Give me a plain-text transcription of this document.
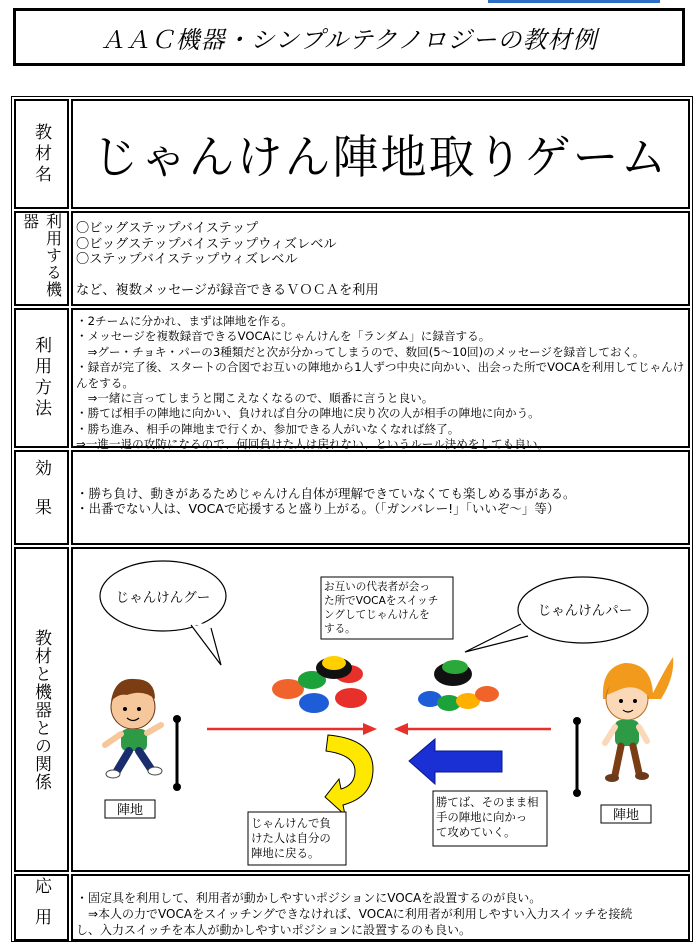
ＡＡＣ機器・シンプルテクノロジーの教材例
教材名 じゃんけん陣地取りゲーム
利用する機器	〇ビッグステップバイステップ

〇ビッグステップバイステップウィズレベル

〇ステップバイステップウィズレベル

など、複数メッセージが録音できるＶＯＣＡを利用

利用方法

・2チームに分かれ、まずは陣地を作る。

・メッセージを複数録音できるVOCAにじゃんけんを「ランダム」に録音する。

　⇒グー・チョキ・パーの3種類だと次が分かってしまうので、数回(5～10回)のメッセージを録音しておく。

・録音が完了後、スタートの合図でお互いの陣地から1人ずつ中央に向かい、出会った所でVOCAを利用してじゃんけ

んをする。

　⇒一緒に言ってしまうと聞こえなくなるので、順番に言うと良い。

・勝てば相手の陣地に向かい、負ければ自分の陣地に戻り次の人が相手の陣地に向かう。

・勝ち進み、相手の陣地まで行くか、参加できる人がいなくなれば終了。

⇒一進一退の攻防になるので、何回負けた人は戻れない、というルール決めをしても良い。

効果 ・勝ち負け、動きがあるためじゃんけん自体が理解できていなくても楽しめる事がある。

・出番でない人は、VOCAで応援すると盛り上がる。（「ガンバレー!」「いいぞ～」等）

教材と機器との関係
じゃんけんグー
じゃんけんパー
お互いの代表者が会っ
た所でVOCAをスイッチ
ングしてじゃんけんを
する。
陣地
じゃんけんで負
けた人は自分の
陣地に戻る。
勝てば、そのまま相
手の陣地に向かっ
て攻めていく。
陣地
応用 ・固定具を利用して、利用者が動かしやすいポジションにVOCAを設置するのが良い。

　⇒本人の力でVOCAをスイッチングできなければ、VOCAに利用者が利用しやすい入力スイッチを接続

し、入力スイッチを本人が動かしやすいポジションに設置するのも良い。
